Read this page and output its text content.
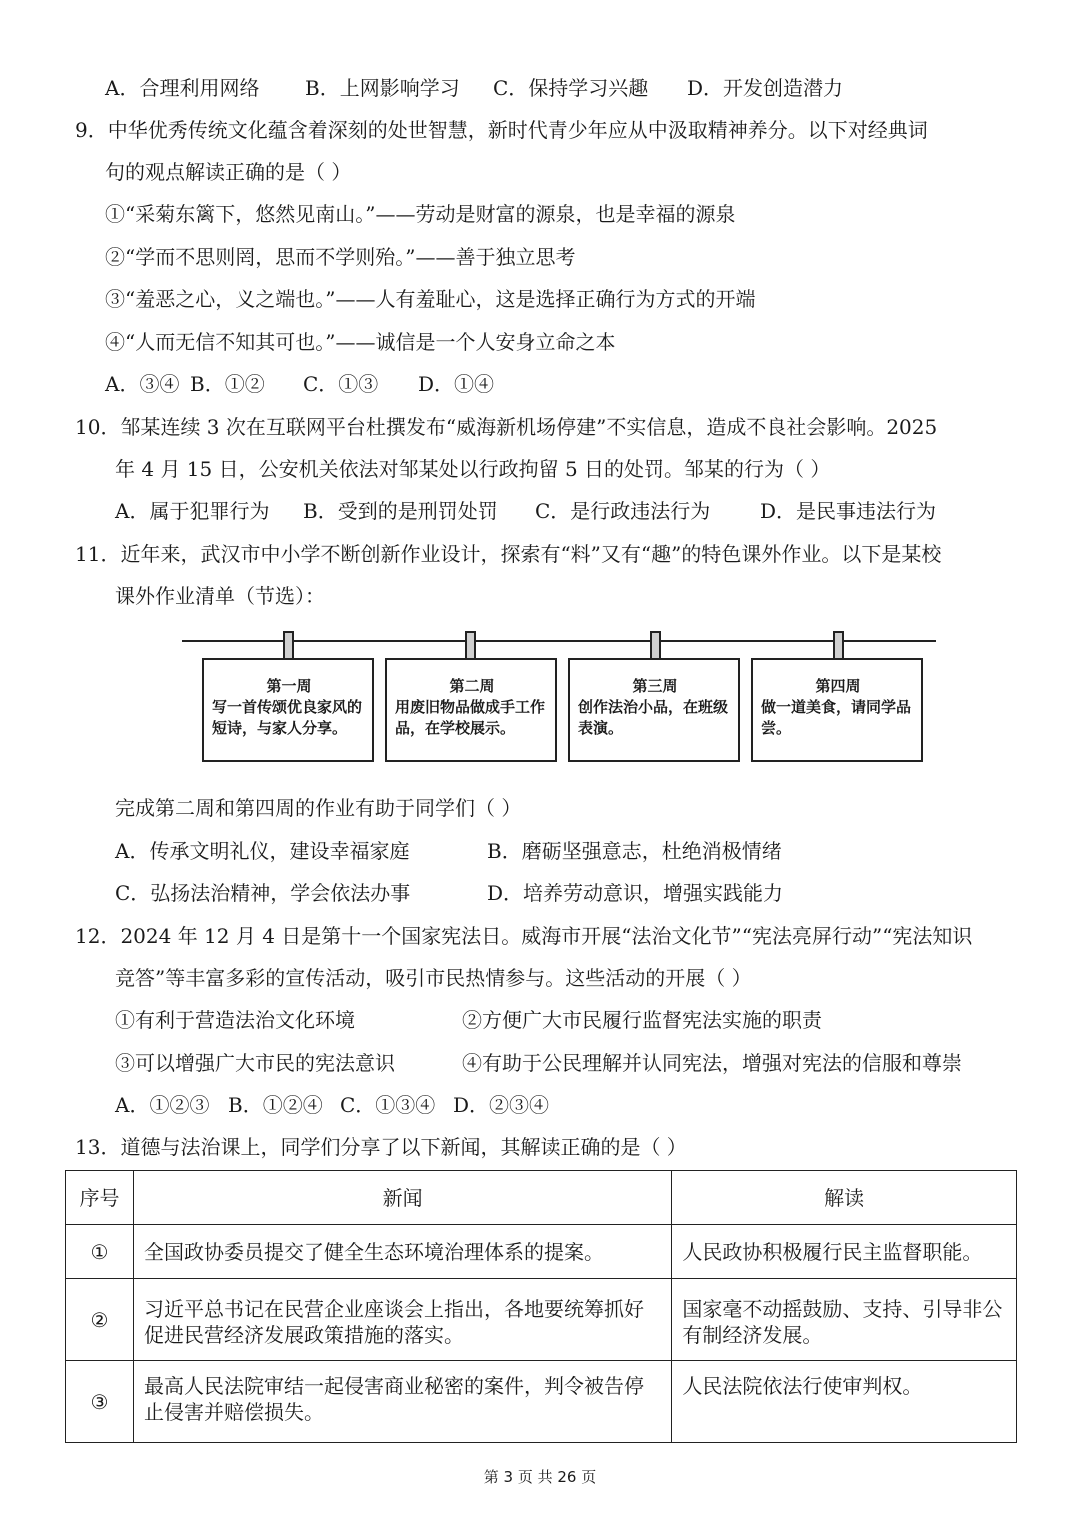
A．合理利用网络 B．上网影响学习 C．保持学习兴趣 D．开发创造潜力
9．中华优秀传统文化蕴含着深刻的处世智慧，新时代青少年应从中汲取精神养分。以下对经典词
句的观点解读正确的是（ ）
①“采菊东篱下，悠然见南山。”——劳动是财富的源泉，也是幸福的源泉
②“学而不思则罔，思而不学则殆。”——善于独立思考
③“羞恶之心，义之端也。”——人有羞耻心，这是选择正确行为方式的开端
④“人而无信不知其可也。”——诚信是一个人安身立命之本
A．③④ B．①② C．①③ D．①④
10．邹某连续 3 次在互联网平台杜撰发布“威海新机场停建”不实信息，造成不良社会影响。2025
年 4 月 15 日，公安机关依法对邹某处以行政拘留 5 日的处罚。邹某的行为（ ）
A．属于犯罪行为 B．受到的是刑罚处罚 C．是行政违法行为 D．是民事违法行为
11．近年来，武汉市中小学不断创新作业设计，探索有“料”又有“趣”的特色课外作业。以下是某校
课外作业清单（节选）：
第一周
写一首传颂优良家风的短诗，与家人分享。
第二周
用废旧物品做成手工作品，在学校展示。
第三周
创作法治小品，在班级表演。
第四周
做一道美食，请同学品尝。
完成第二周和第四周的作业有助于同学们（ ）
A．传承文明礼仪，建设幸福家庭	B．磨砺坚强意志，杜绝消极情绪
C．弘扬法治精神，学会依法办事	D．培养劳动意识，增强实践能力
12．2024 年 12 月 4 日是第十一个国家宪法日。威海市开展“法治文化节”“宪法亮屏行动”“宪法知识
竞答”等丰富多彩的宣传活动，吸引市民热情参与。这些活动的开展（ ）
①有利于营造法治文化环境	②方便广大市民履行监督宪法实施的职责
③可以增强广大市民的宪法意识	④有助于公民理解并认同宪法，增强对宪法的信服和尊崇
A．①②③ B．①②④ C．①③④ D．②③④
13．道德与法治课上，同学们分享了以下新闻，其解读正确的是（ ）
序号	新闻	解读
①	全国政协委员提交了健全生态环境治理体系的提案。	人民政协积极履行民主监督职能。
②	习近平总书记在民营企业座谈会上指出，各地要统筹抓好促进民营经济发展政策措施的落实。	国家毫不动摇鼓励、支持、引导非公有制经济发展。
③	最高人民法院审结一起侵害商业秘密的案件，判令被告停止侵害并赔偿损失。	人民法院依法行使审判权。
第 3 页 共 26 页
